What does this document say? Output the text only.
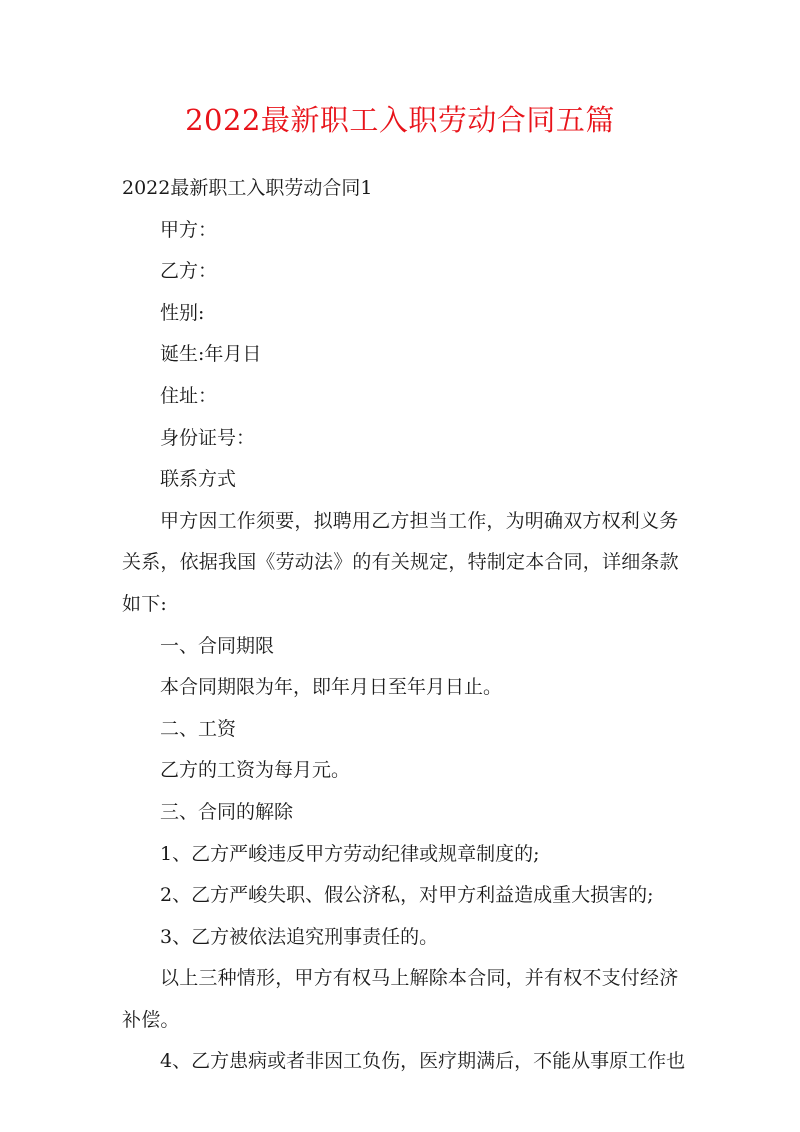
2022最新职工入职劳动合同五篇
2022最新职工入职劳动合同1
甲方：
乙方：
性别:
诞生:年月日
住址：
身份证号：
联系方式
甲方因工作须要，拟聘用乙方担当工作，为明确双方权利义务关系，依据我国《劳动法》的有关规定，特制定本合同，详细条款如下:
一、合同期限
本合同期限为年，即年月日至年月日止。
二、工资
乙方的工资为每月元。
三、合同的解除
1、乙方严峻违反甲方劳动纪律或规章制度的;
2、乙方严峻失职、假公济私，对甲方利益造成重大损害的;
3、乙方被依法追究刑事责任的。
以上三种情形，甲方有权马上解除本合同，并有权不支付经济补偿。
4、乙方患病或者非因工负伤，医疗期满后，不能从事原工作也
